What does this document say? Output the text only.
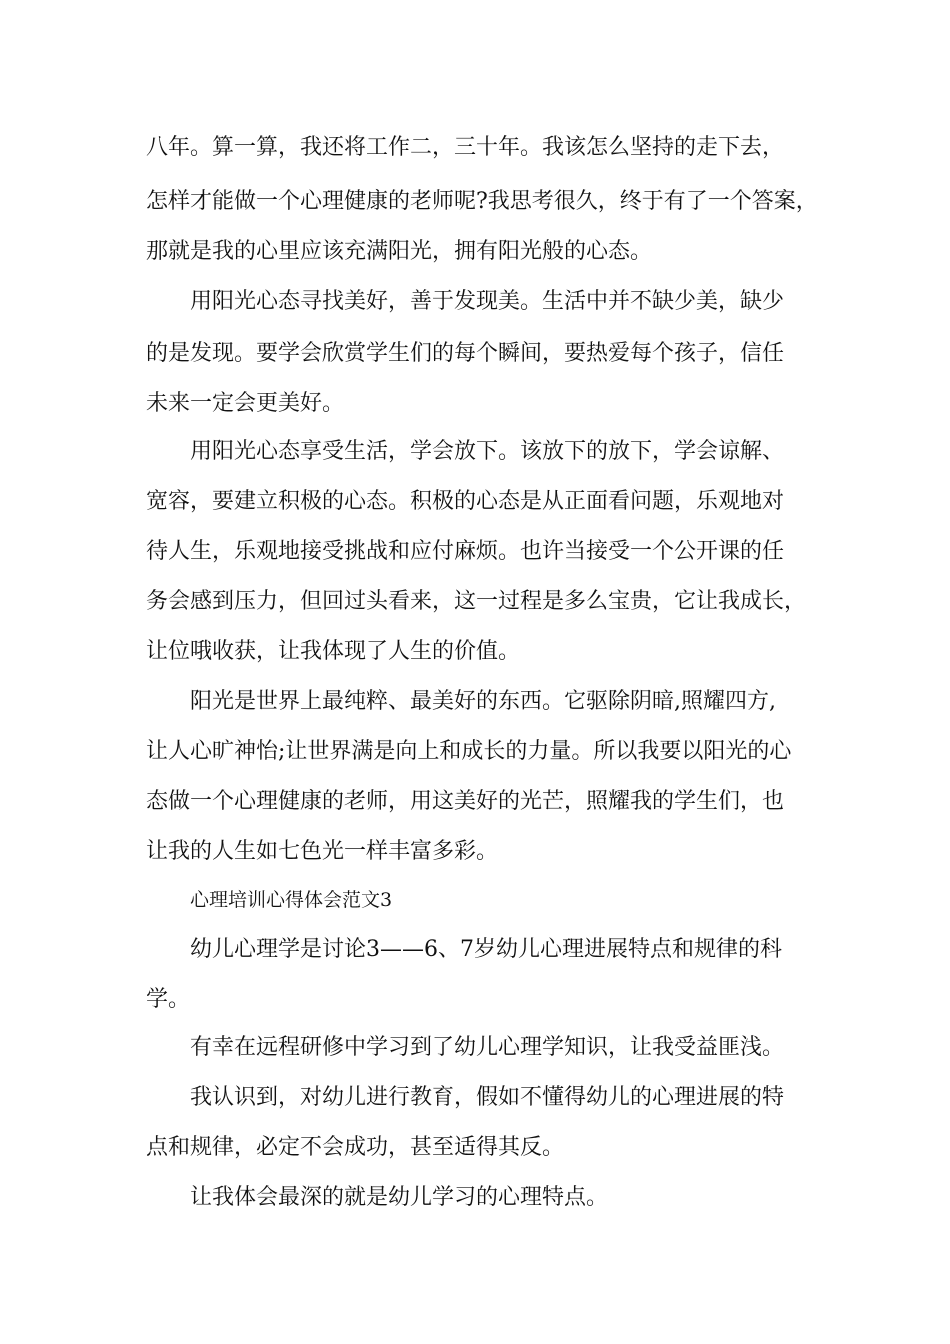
八年。算一算，我还将工作二，三十年。我该怎么坚持的走下去，
怎样才能做一个心理健康的老师呢?我思考很久，终于有了一个答案，
那就是我的心里应该充满阳光，拥有阳光般的心态。
用阳光心态寻找美好，善于发现美。生活中并不缺少美，缺少
的是发现。要学会欣赏学生们的每个瞬间，要热爱每个孩子，信任
未来一定会更美好。
用阳光心态享受生活，学会放下。该放下的放下，学会谅解、
宽容，要建立积极的心态。积极的心态是从正面看问题，乐观地对
待人生，乐观地接受挑战和应付麻烦。也许当接受一个公开课的任
务会感到压力，但回过头看来，这一过程是多么宝贵，它让我成长，
让位哦收获，让我体现了人生的价值。
阳光是世界上最纯粹、最美好的东西。它驱除阴暗,照耀四方,
让人心旷神怡;让世界满是向上和成长的力量。所以我要以阳光的心
态做一个心理健康的老师，用这美好的光芒，照耀我的学生们，也
让我的人生如七色光一样丰富多彩。
心理培训心得体会范文3
幼儿心理学是讨论3——6、7岁幼儿心理进展特点和规律的科
学。
有幸在远程研修中学习到了幼儿心理学知识，让我受益匪浅。
我认识到，对幼儿进行教育，假如不懂得幼儿的心理进展的特
点和规律，必定不会成功，甚至适得其反。
让我体会最深的就是幼儿学习的心理特点。
